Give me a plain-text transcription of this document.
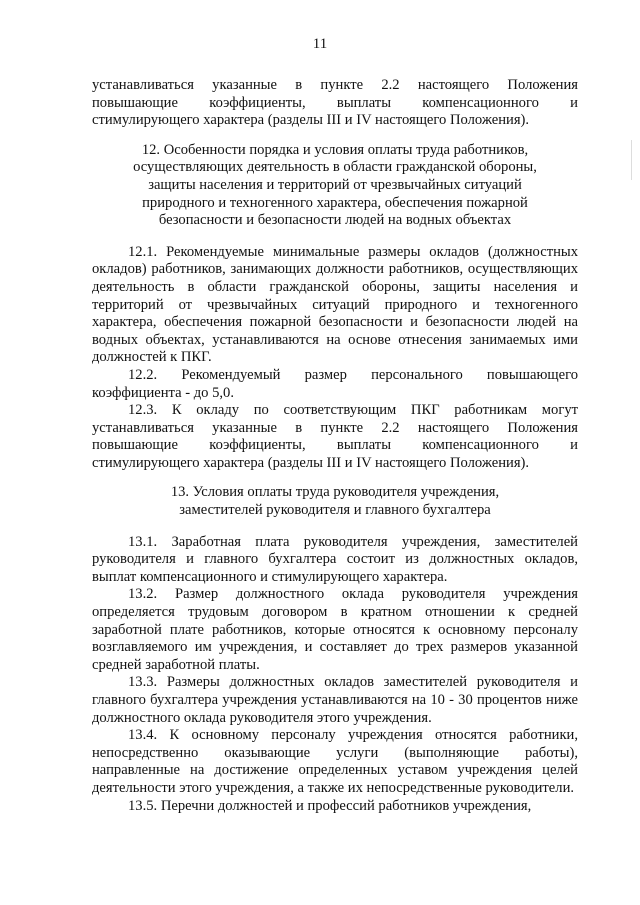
11

устанавливаться указанные в пункте 2.2 настоящего Положения повышающие коэффициенты, выплаты компенсационного и стимулирующего характера (разделы III и IV настоящего Положения).

12. Особенности порядка и условия оплаты труда работников, осуществляющих деятельность в области гражданской обороны, защиты населения и территорий от чрезвычайных ситуаций природного и техногенного характера, обеспечения пожарной безопасности и безопасности людей на водных объектах

12.1. Рекомендуемые минимальные размеры окладов (должностных окладов) работников, занимающих должности работников, осуществляющих деятельность в области гражданской обороны, защиты населения и территорий от чрезвычайных ситуаций природного и техногенного характера, обеспечения пожарной безопасности и безопасности людей на водных объектах, устанавливаются на основе отнесения занимаемых ими должностей к ПКГ.

12.2. Рекомендуемый размер персонального повышающего коэффициента - до 5,0.

12.3. К окладу по соответствующим ПКГ работникам могут устанавливаться указанные в пункте 2.2 настоящего Положения повышающие коэффициенты, выплаты компенсационного и стимулирующего характера (разделы III и IV настоящего Положения).

13. Условия оплаты труда руководителя учреждения,

заместителей руководителя и главного бухгалтера

13.1. Заработная плата руководителя учреждения, заместителей руководителя и главного бухгалтера состоит из должностных окладов, выплат компенсационного и стимулирующего характера.

13.2. Размер должностного оклада руководителя учреждения определяется трудовым договором в кратном отношении к средней заработной плате работников, которые относятся к основному персоналу возглавляемого им учреждения, и составляет до трех размеров указанной средней заработной платы.

13.3. Размеры должностных окладов заместителей руководителя и главного бухгалтера учреждения устанавливаются на 10 - 30 процентов ниже должностного оклада руководителя этого учреждения.

13.4. К основному персоналу учреждения относятся работники, непосредственно оказывающие услуги (выполняющие работы), направленные на достижение определенных уставом учреждения целей деятельности этого учреждения, а также их непосредственные руководители.

13.5. Перечни должностей и профессий работников учреждения,
